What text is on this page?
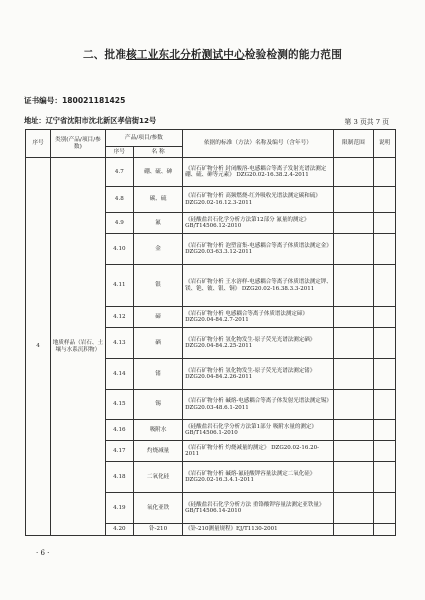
二、批准核工业东北分析测试中心检验检测的能力范围
证书编号：180021181425
地址：辽宁省沈阳市沈北新区孝信街12号	第 3 页共 7 页
序号	类别(产品/项目/参数)	产品/项目/参数		依据的标准（方法）名称及编号（含年号）	限制范围	说明
		序号	名 称			
4	地质样品（岩石、土壤与水系沉积物）	4.7	硼、硫、砷	《岩石矿物分析 封闭酸溶-电感耦合等离子发射光谱法测定硼、硫、砷等元素》 DZG20.02-16.38.2.4-2011		
		4.8	碳、硫	《岩石矿物分析 高频燃烧-红外吸收光谱法测定碳和硫》 DZG20.02-16.12.3-2011		
		4.9	氟	《硅酸盐岩石化学分析方法第12部分 氟量的测定》 GB/T14506.12-2010		
		4.10	金	《岩石矿物分析 泡塑富集-电感耦合等离子体质谱法测定金》 DZG20.03-63.3.12-2011		
		4.11	银	《岩石矿物分析 王水溶样-电感耦合等离子体质谱法测定钾、镁、铯、铍、银、铜》 DZG20.02-16.38.3.3-2011		
		4.12	碲	《岩石矿物分析 电感耦合等离子体质谱法测定碲》 DZG20.04-84.2.7-2011		
		4.13	硒	《岩石矿物分析 氢化物发生-原子荧光光谱法测定硒》 DZG20.04-84.2.25-2011		
		4.14	锗	《岩石矿物分析 氢化物发生-原子荧光光谱法测定锗》 DZG20.04-84.2.26-2011		
		4.15	锡	《岩石矿物分析 碱熔-电感耦合等离子体发射光谱法测定锡》 DZG20.03-48.6.1-2011		
		4.16	吸附水	《硅酸盐岩石化学分析方法第1部分 吸附水量的测定》 GB/T14506.1-2010		
		4.17	灼烧减量	《岩石矿物分析 灼烧减量的测定》 DZG20.02-16.20-2011		
		4.18	二氧化硅	《岩石矿物分析 碱熔-氟硅酸钾容量法测定二氧化硅》 DZG20.02-16.3.4.1-2011		
		4.19	氧化亚铁	《硅酸盐岩石化学分析方法 重铬酸钾容量法测定亚铁量》 GB/T14506.14-2010		
		4.20	钋-210	《钋-210测量规程》EJ/T1130-2001		
· 6 ·
